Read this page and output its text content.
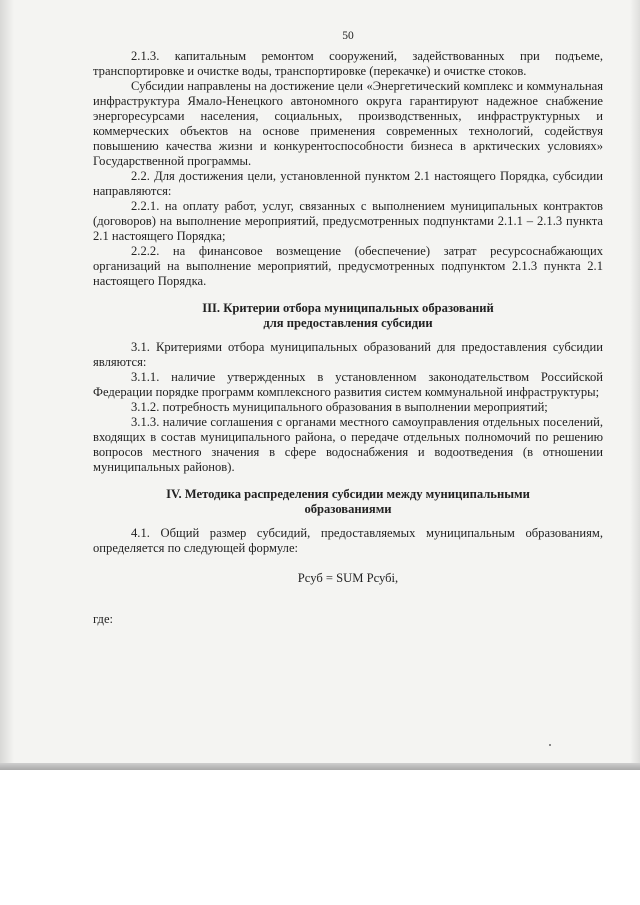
50

2.1.3. капитальным ремонтом сооружений, задействованных при подъеме, транспортировке и очистке воды, транспортировке (перекачке) и очистке стоков.

Субсидии направлены на достижение цели «Энергетический комплекс и коммунальная инфраструктура Ямало-Ненецкого автономного округа гарантируют надежное снабжение энергоресурсами населения, социальных, производственных, инфраструктурных и коммерческих объектов на основе применения современных технологий, содействуя повышению качества жизни и конкурентоспособности бизнеса в арктических условиях» Государственной программы.

2.2. Для достижения цели, установленной пунктом 2.1 настоящего Порядка, субсидии направляются:

2.2.1. на оплату работ, услуг, связанных с выполнением муниципальных контрактов (договоров) на выполнение мероприятий, предусмотренных подпунктами 2.1.1 – 2.1.3 пункта 2.1 настоящего Порядка;

2.2.2. на финансовое возмещение (обеспечение) затрат ресурсоснабжающих организаций на выполнение мероприятий, предусмотренных подпунктом 2.1.3 пункта 2.1 настоящего Порядка.

III. Критерии отбора муниципальных образований
для предоставления субсидии

3.1. Критериями отбора муниципальных образований для предоставления субсидии являются:

3.1.1. наличие утвержденных в установленном законодательством Российской Федерации порядке программ комплексного развития систем коммунальной инфраструктуры;

3.1.2. потребность муниципального образования в выполнении мероприятий;

3.1.3. наличие соглашения с органами местного самоуправления отдельных поселений, входящих в состав муниципального района, о передаче отдельных полномочий по решению вопросов местного значения в сфере водоснабжения и водоотведения (в отношении муниципальных районов).

IV. Методика распределения субсидии между муниципальными
образованиями

4.1. Общий размер субсидий, предоставляемых муниципальным образованиям, определяется по следующей формуле:

Рсуб = SUM Рсубi,

где:
